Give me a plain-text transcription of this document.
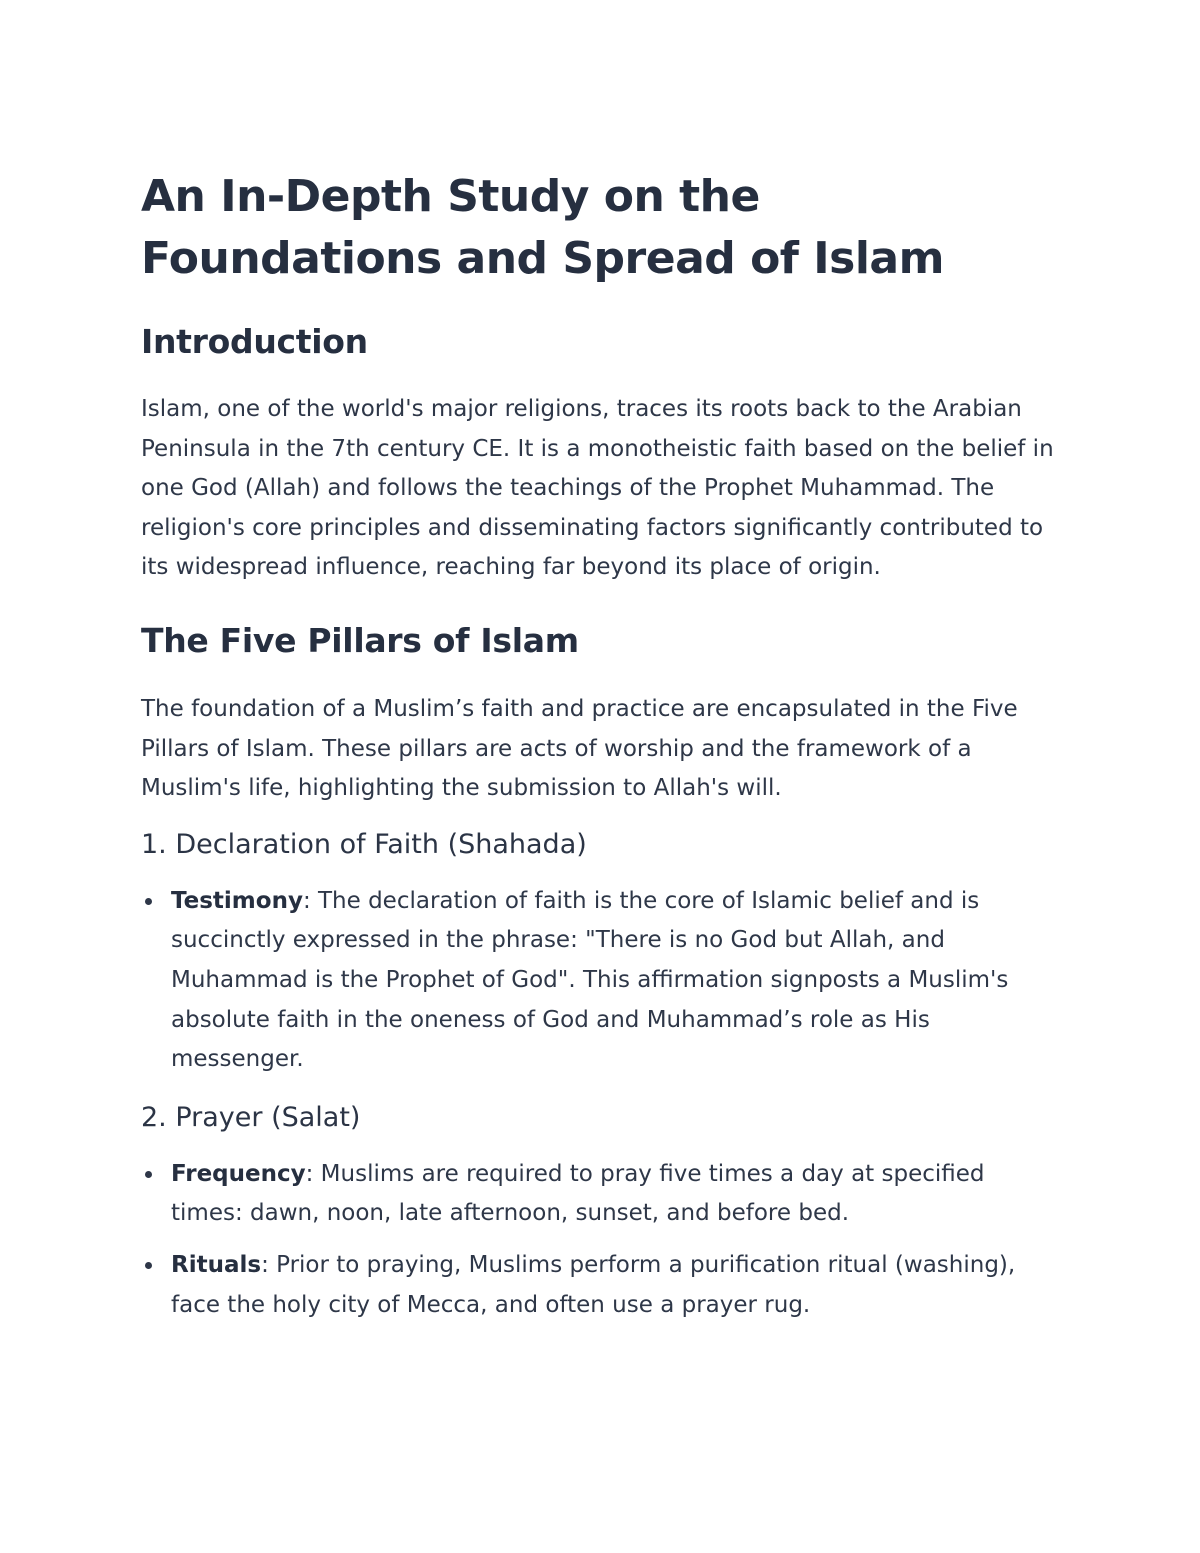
An In-Depth Study on the Foundations and Spread of Islam
Introduction

Islam, one of the world's major religions, traces its roots back to the Arabian Peninsula in the 7th century CE. It is a monotheistic faith based on the belief in one God (Allah) and follows the teachings of the Prophet Muhammad. The religion's core principles and disseminating factors significantly contributed to its widespread influence, reaching far beyond its place of origin.

The Five Pillars of Islam

The foundation of a Muslim’s faith and practice are encapsulated in the Five Pillars of Islam. These pillars are acts of worship and the framework of a Muslim's life, highlighting the submission to Allah's will.

1. Declaration of Faith (Shahada)
Testimony: The declaration of faith is the core of Islamic belief and is succinctly expressed in the phrase: "There is no God but Allah, and Muhammad is the Prophet of God". This affirmation signposts a Muslim's absolute faith in the oneness of God and Muhammad’s role as His messenger.
2. Prayer (Salat)
Frequency: Muslims are required to pray five times a day at specified times: dawn, noon, late afternoon, sunset, and before bed.
Rituals: Prior to praying, Muslims perform a purification ritual (washing), face the holy city of Mecca, and often use a prayer rug.
